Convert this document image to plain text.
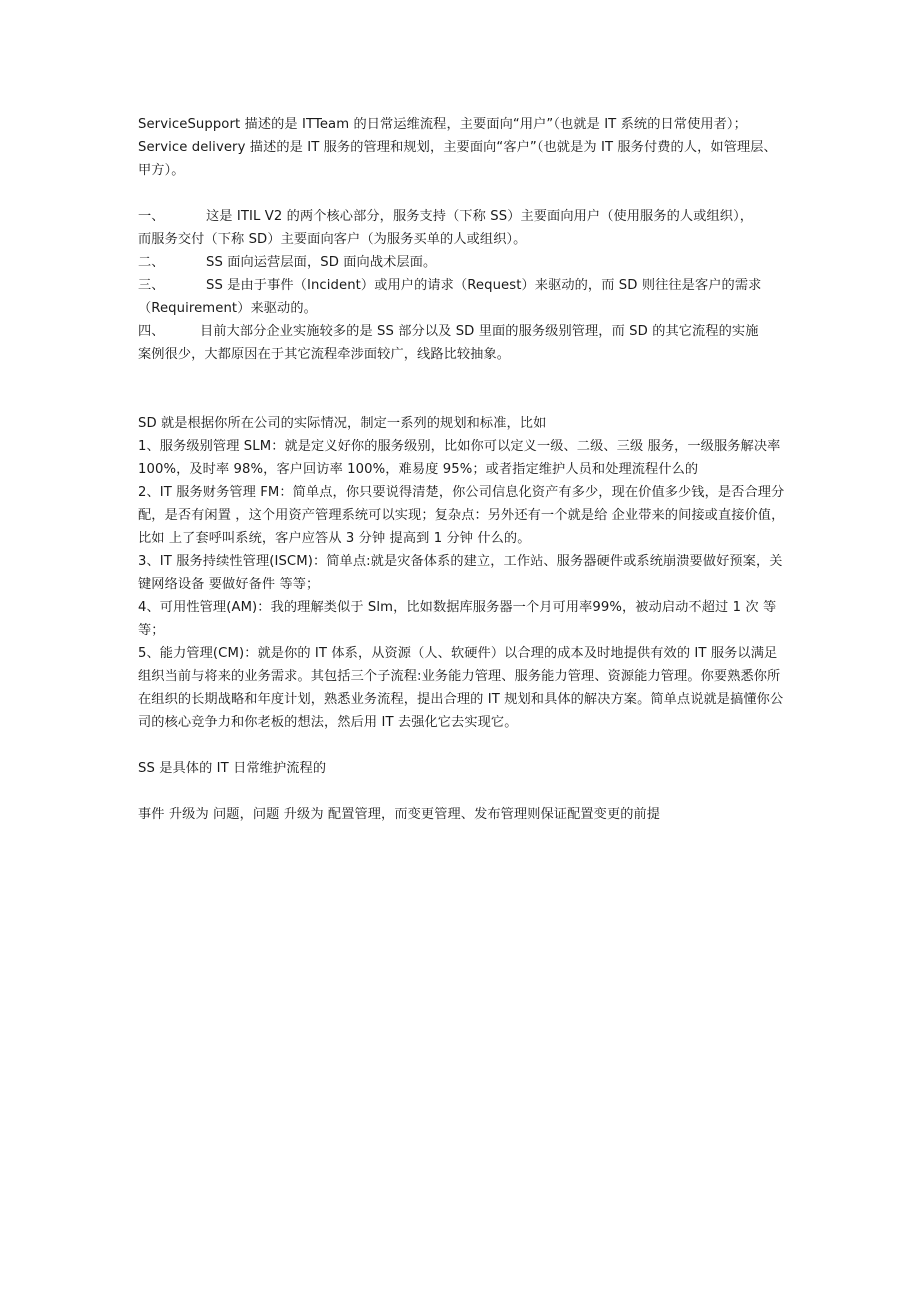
ServiceSupport 描述的是 ITTeam 的日常运维流程，主要面向“用户”（也就是 IT 系统的日常使用者）；

Service delivery 描述的是 IT 服务的管理和规划，主要面向“客户”（也就是为 IT 服务付费的人，如管理层、甲方）。

一、	这是 ITIL V2 的两个核心部分，服务支持（下称 SS）主要面向用户（使用服务的人或组织），

而服务交付（下称 SD）主要面向客户（为服务买单的人或组织）。

二、	SS 面向运营层面，SD 面向战术层面。

三、	SS 是由于事件（Incident）或用户的请求（Request）来驱动的，而 SD 则往往是客户的需求

（Requirement）来驱动的。

四、	目前大部分企业实施较多的是 SS 部分以及 SD 里面的服务级别管理，而 SD 的其它流程的实施

案例很少，大都原因在于其它流程牵涉面较广，线路比较抽象。

SD 就是根据你所在公司的实际情况，制定一系列的规划和标准，比如

1、服务级别管理 SLM：就是定义好你的服务级别，比如你可以定义一级、二级、三级 服务，一级服务解决率 100%，及时率 98%，客户回访率 100%，难易度 95%；或者指定维护人员和处理流程什么的

2、IT 服务财务管理 FM：简单点，你只要说得清楚，你公司信息化资产有多少，现在价值多少钱，是否合理分配，是否有闲置 ，这个用资产管理系统可以实现；复杂点：另外还有一个就是给 企业带来的间接或直接价值，比如 上了套呼叫系统，客户应答从 3 分钟 提高到 1 分钟 什么的。

3、IT 服务持续性管理(ISCM)：简单点:就是灾备体系的建立，工作站、服务器硬件或系统崩溃要做好预案，关键网络设备 要做好备件 等等；

4、可用性管理(AM)：我的理解类似于 Slm，比如数据库服务器一个月可用率99%，被动启动不超过 1 次 等等；

5、能力管理(CM)：就是你的 IT 体系，从资源（人、软硬件）以合理的成本及时地提供有效的 IT 服务以满足组织当前与将来的业务需求。其包括三个子流程:业务能力管理、服务能力管理、资源能力管理。你要熟悉你所在组织的长期战略和年度计划，熟悉业务流程，提出合理的 IT 规划和具体的解决方案。简单点说就是搞懂你公司的核心竞争力和你老板的想法，然后用 IT 去强化它去实现它。

SS 是具体的 IT 日常维护流程的

事件 升级为 问题，问题 升级为 配置管理，而变更管理、发布管理则保证配置变更的前提
